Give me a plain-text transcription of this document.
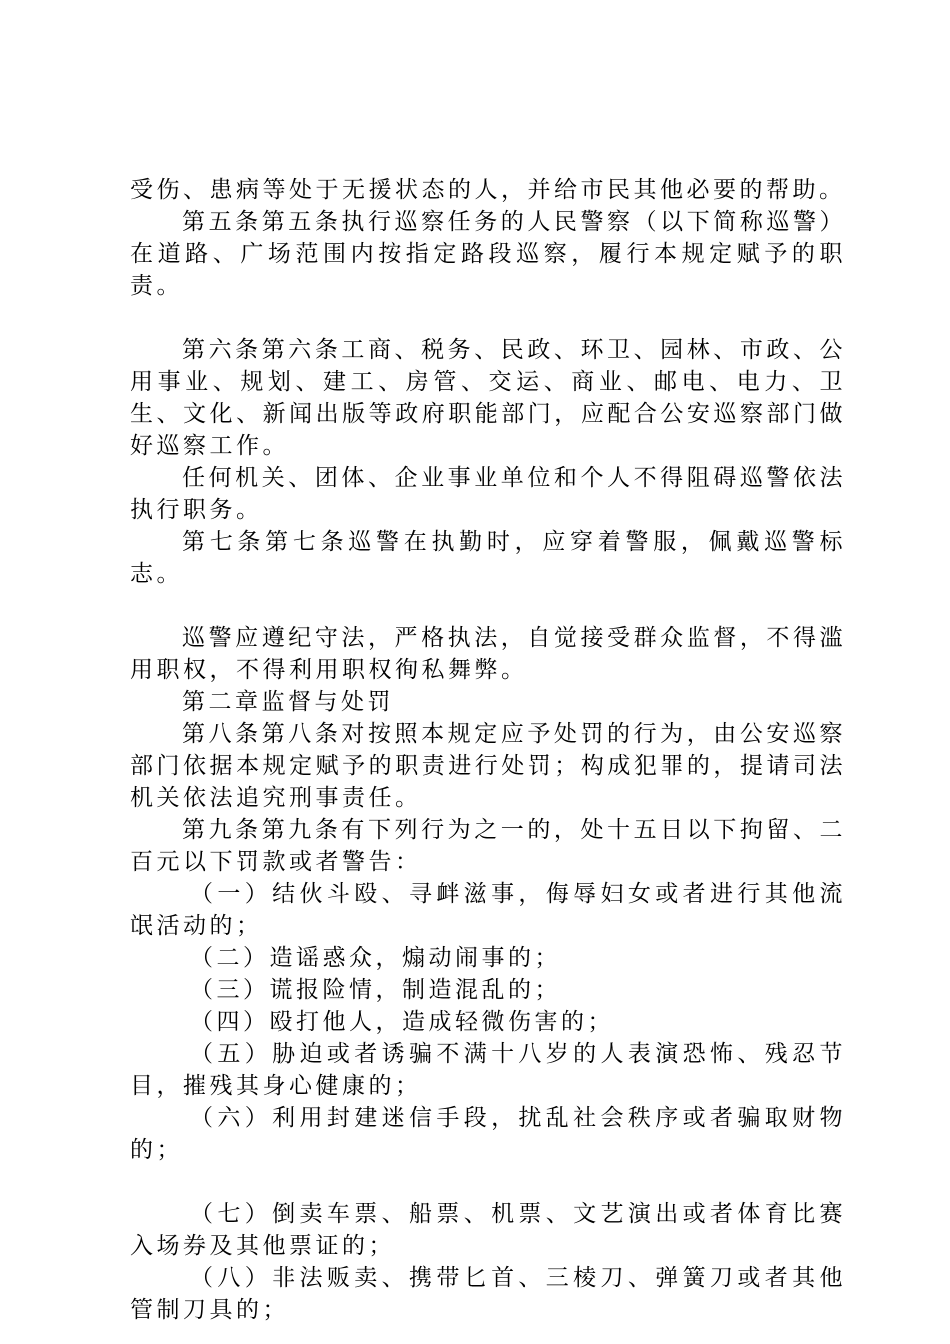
受伤、患病等处于无援状态的人，并给市民其他必要的帮助。

第五条第五条执行巡察任务的人民警察（以下简称巡警）在道路、广场范围内按指定路段巡察，履行本规定赋予的职责。

第六条第六条工商、税务、民政、环卫、园林、市政、公用事业、规划、建工、房管、交运、商业、邮电、电力、卫生、文化、新闻出版等政府职能部门，应配合公安巡察部门做好巡察工作。

任何机关、团体、企业事业单位和个人不得阻碍巡警依法执行职务。

第七条第七条巡警在执勤时，应穿着警服，佩戴巡警标志。

巡警应遵纪守法，严格执法，自觉接受群众监督，不得滥用职权，不得利用职权徇私舞弊。

第二章监督与处罚

第八条第八条对按照本规定应予处罚的行为，由公安巡察部门依据本规定赋予的职责进行处罚；构成犯罪的，提请司法机关依法追究刑事责任。

第九条第九条有下列行为之一的，处十五日以下拘留、二百元以下罚款或者警告：

（一）结伙斗殴、寻衅滋事，侮辱妇女或者进行其他流氓活动的；

（二）造谣惑众，煽动闹事的；

（三）谎报险情，制造混乱的；

（四）殴打他人，造成轻微伤害的；

（五）胁迫或者诱骗不满十八岁的人表演恐怖、残忍节目，摧残其身心健康的；

（六）利用封建迷信手段，扰乱社会秩序或者骗取财物的；

（七）倒卖车票、船票、机票、文艺演出或者体育比赛入场券及其他票证的；

（八）非法贩卖、携带匕首、三棱刀、弹簧刀或者其他管制刀具的；
